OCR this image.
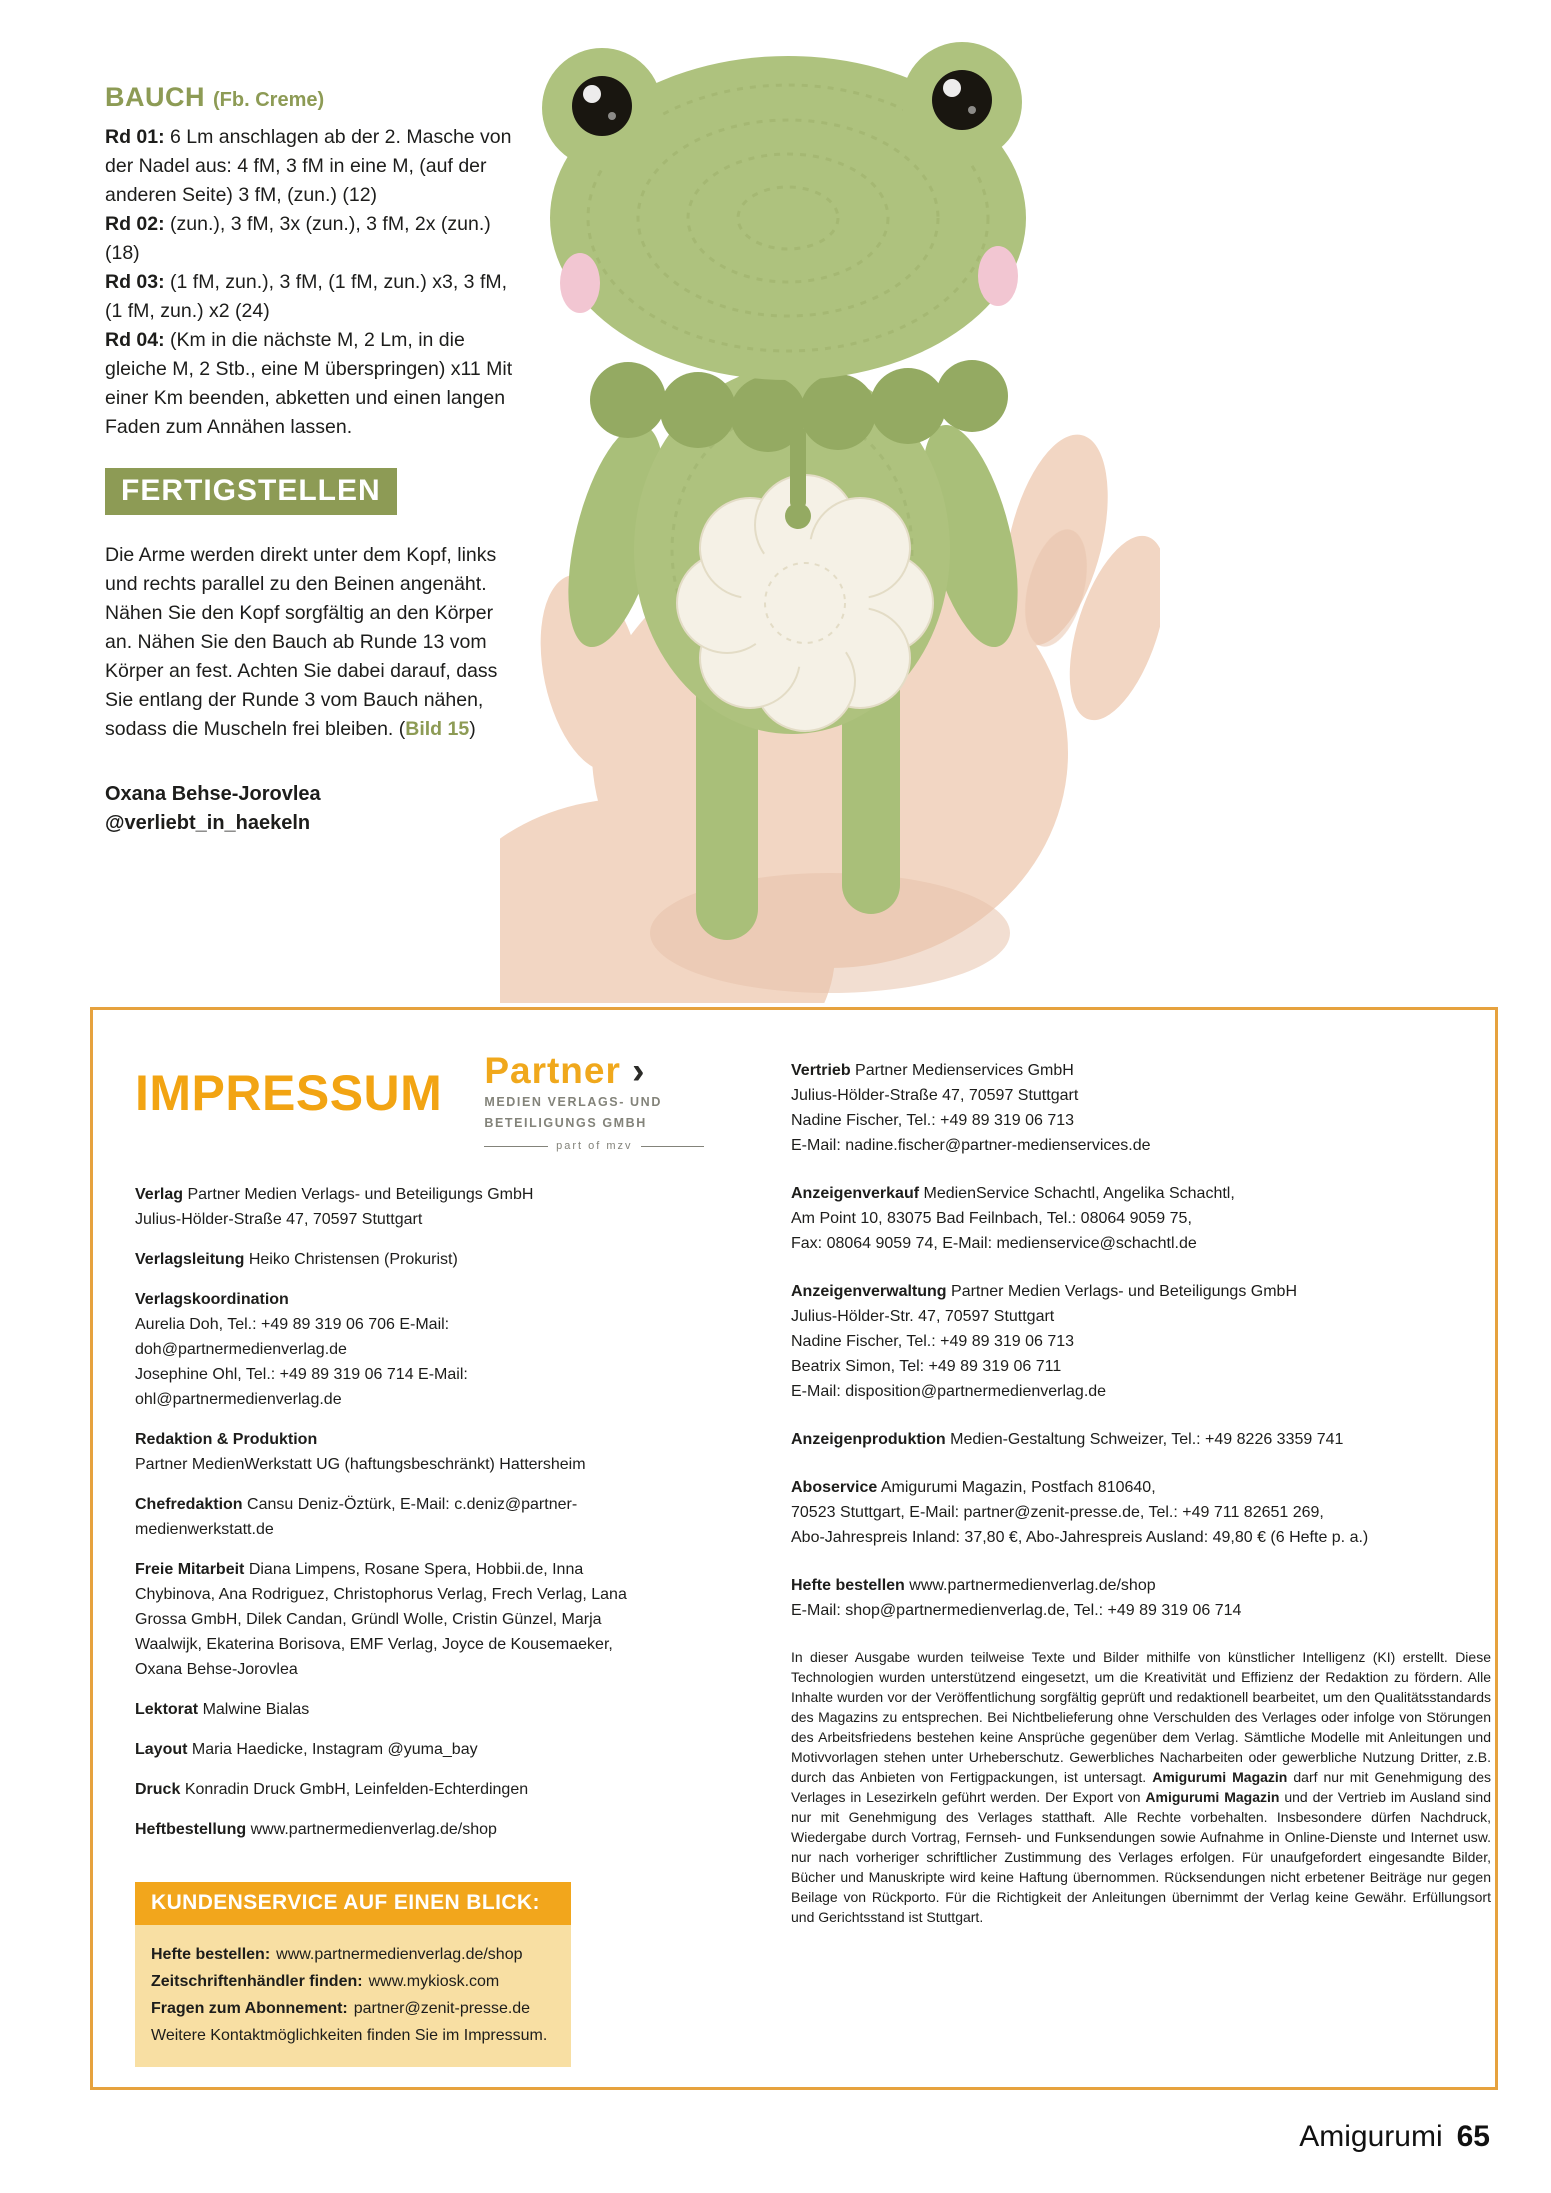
BAUCH (Fb. Creme)
Rd 01: 6 Lm anschlagen ab der 2. Masche von der Nadel aus: 4 fM, 3 fM in eine M, (auf der anderen Seite) 3 fM, (zun.) (12)
Rd 02: (zun.), 3 fM, 3x (zun.), 3 fM, 2x (zun.) (18)
Rd 03: (1 fM, zun.), 3 fM, (1 fM, zun.) x3, 3 fM, (1 fM, zun.) x2 (24)
Rd 04: (Km in die nächste M, 2 Lm, in die gleiche M, 2 Stb., eine M überspringen) x11 Mit einer Km beenden, abketten und einen langen Faden zum Annähen lassen.
FERTIGSTELLEN
Die Arme werden direkt unter dem Kopf, links und rechts parallel zu den Beinen angenäht. Nähen Sie den Kopf sorgfältig an den Körper an. Nähen Sie den Bauch ab Runde 13 vom Körper an fest. Achten Sie dabei darauf, dass Sie entlang der Runde 3 vom Bauch nähen, sodass die Muscheln frei bleiben. (Bild 15)
Oxana Behse-Jorovlea
@verliebt_in_haekeln
IMPRESSUM Partner ›
MEDIEN VERLAGS- UND
BETEILIGUNGS GMBH
part of mzv
Verlag Partner Medien Verlags- und Beteiligungs GmbH
Julius-Hölder-Straße 47, 70597 Stuttgart
Verlagsleitung Heiko Christensen (Prokurist)
Verlagskoordination
Aurelia Doh, Tel.: +49 89 319 06 706 E-Mail: doh@partnermedienverlag.de
Josephine Ohl, Tel.: +49 89 319 06 714 E-Mail: ohl@partnermedienverlag.de
Redaktion & Produktion
Partner MedienWerkstatt UG (haftungsbeschränkt) Hattersheim
Chefredaktion Cansu Deniz-Öztürk, E-Mail: c.deniz@partner-medienwerkstatt.de
Freie Mitarbeit Diana Limpens, Rosane Spera, Hobbii.de, Inna Chybinova, Ana Rodriguez, Christophorus Verlag, Frech Verlag, Lana Grossa GmbH, Dilek Candan, Gründl Wolle, Cristin Günzel, Marja Waalwijk, Ekaterina Borisova, EMF Verlag, Joyce de Kousemaeker, Oxana Behse-Jorovlea
Lektorat Malwine Bialas
Layout Maria Haedicke, Instagram @yuma_bay
Druck Konradin Druck GmbH, Leinfelden-Echterdingen
Heftbestellung www.partnermedienverlag.de/shop
KUNDENSERVICE AUF EINEN BLICK:
Hefte bestellen: www.partnermedienverlag.de/shop
Zeitschriftenhändler finden: www.mykiosk.com
Fragen zum Abonnement: partner@zenit-presse.de
Weitere Kontaktmöglichkeiten finden Sie im Impressum.
Vertrieb Partner Medienservices GmbH
Julius-Hölder-Straße 47, 70597 Stuttgart
Nadine Fischer, Tel.: +49 89 319 06 713
E-Mail: nadine.fischer@partner-medienservices.de
Anzeigenverkauf MedienService Schachtl, Angelika Schachtl,
Am Point 10, 83075 Bad Feilnbach, Tel.: 08064 9059 75,
Fax: 08064 9059 74, E-Mail: medienservice@schachtl.de
Anzeigenverwaltung Partner Medien Verlags- und Beteiligungs GmbH
Julius-Hölder-Str. 47, 70597 Stuttgart
Nadine Fischer, Tel.: +49 89 319 06 713
Beatrix Simon, Tel: +49 89 319 06 711
E-Mail: disposition@partnermedienverlag.de
Anzeigenproduktion Medien-Gestaltung Schweizer, Tel.: +49 8226 3359 741
Aboservice Amigurumi Magazin, Postfach 810640,
70523 Stuttgart, E-Mail: partner@zenit-presse.de, Tel.: +49 711 82651 269,
Abo-Jahrespreis Inland: 37,80 €, Abo-Jahrespreis Ausland: 49,80 € (6 Hefte p. a.)
Hefte bestellen www.partnermedienverlag.de/shop
E-Mail: shop@partnermedienverlag.de, Tel.: +49 89 319 06 714
In dieser Ausgabe wurden teilweise Texte und Bilder mithilfe von künstlicher Intelligenz (KI) erstellt. Diese Technologien wurden unterstützend eingesetzt, um die Kreativität und Effizienz der Redaktion zu fördern. Alle Inhalte wurden vor der Veröffentlichung sorgfältig geprüft und redaktionell bearbeitet, um den Qualitätsstandards des Magazins zu entsprechen. Bei Nichtbelieferung ohne Verschulden des Verlages oder infolge von Störungen des Arbeitsfriedens bestehen keine Ansprüche gegenüber dem Verlag. Sämtliche Modelle mit Anleitungen und Motivvorlagen stehen unter Urheberschutz. Gewerbliches Nacharbeiten oder gewerbliche Nutzung Dritter, z.B. durch das Anbieten von Fertigpackungen, ist untersagt. Amigurumi Magazin darf nur mit Genehmigung des Verlages in Lesezirkeln geführt werden. Der Export von Amigurumi Magazin und der Vertrieb im Ausland sind nur mit Genehmigung des Verlages statthaft. Alle Rechte vorbehalten. Insbesondere dürfen Nachdruck, Wiedergabe durch Vortrag, Fernseh- und Funksendungen sowie Aufnahme in Online-Dienste und Internet usw. nur nach vorheriger schriftlicher Zustimmung des Verlages erfolgen. Für unaufgefordert eingesandte Bilder, Bücher und Manuskripte wird keine Haftung übernommen. Rücksendungen nicht erbetener Beiträge nur gegen Beilage von Rückporto. Für die Richtigkeit der Anleitungen übernimmt der Verlag keine Gewähr. Erfüllungsort und Gerichtsstand ist Stuttgart.
Amigurumi 65
